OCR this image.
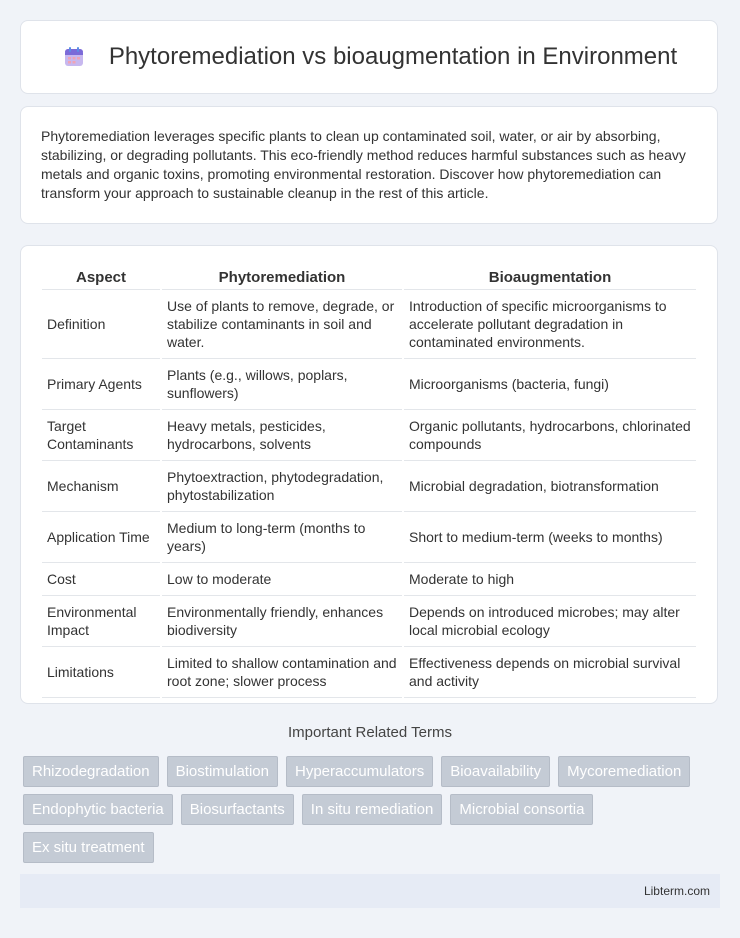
Phytoremediation vs bioaugmentation in Environment

Phytoremediation leverages specific plants to clean up contaminated soil, water, or air by absorbing, stabilizing, or degrading pollutants. This eco-friendly method reduces harmful substances such as heavy metals and organic toxins, promoting environmental restoration. Discover how phytoremediation can transform your approach to sustainable cleanup in the rest of this article.

Aspect	Phytoremediation	Bioaugmentation
Definition	Use of plants to remove, degrade, or stabilize contaminants in soil and water.	Introduction of specific microorganisms to accelerate pollutant degradation in contaminated environments.
Primary Agents	Plants (e.g., willows, poplars, sunflowers)	Microorganisms (bacteria, fungi)
Target Contaminants	Heavy metals, pesticides, hydrocarbons, solvents	Organic pollutants, hydrocarbons, chlorinated compounds
Mechanism	Phytoextraction, phytodegradation, phytostabilization	Microbial degradation, biotransformation
Application Time	Medium to long-term (months to years)	Short to medium-term (weeks to months)
Cost	Low to moderate	Moderate to high
Environmental Impact	Environmentally friendly, enhances biodiversity	Depends on introduced microbes; may alter local microbial ecology
Limitations	Limited to shallow contamination and root zone; slower process	Effectiveness depends on microbial survival and activity
Important Related Terms
Rhizodegradation	Biostimulation	Hyperaccumulators	Bioavailability	Mycoremediation
Endophytic bacteria	Biosurfactants	In situ remediation	Microbial consortia
Ex situ treatment
Libterm.com
